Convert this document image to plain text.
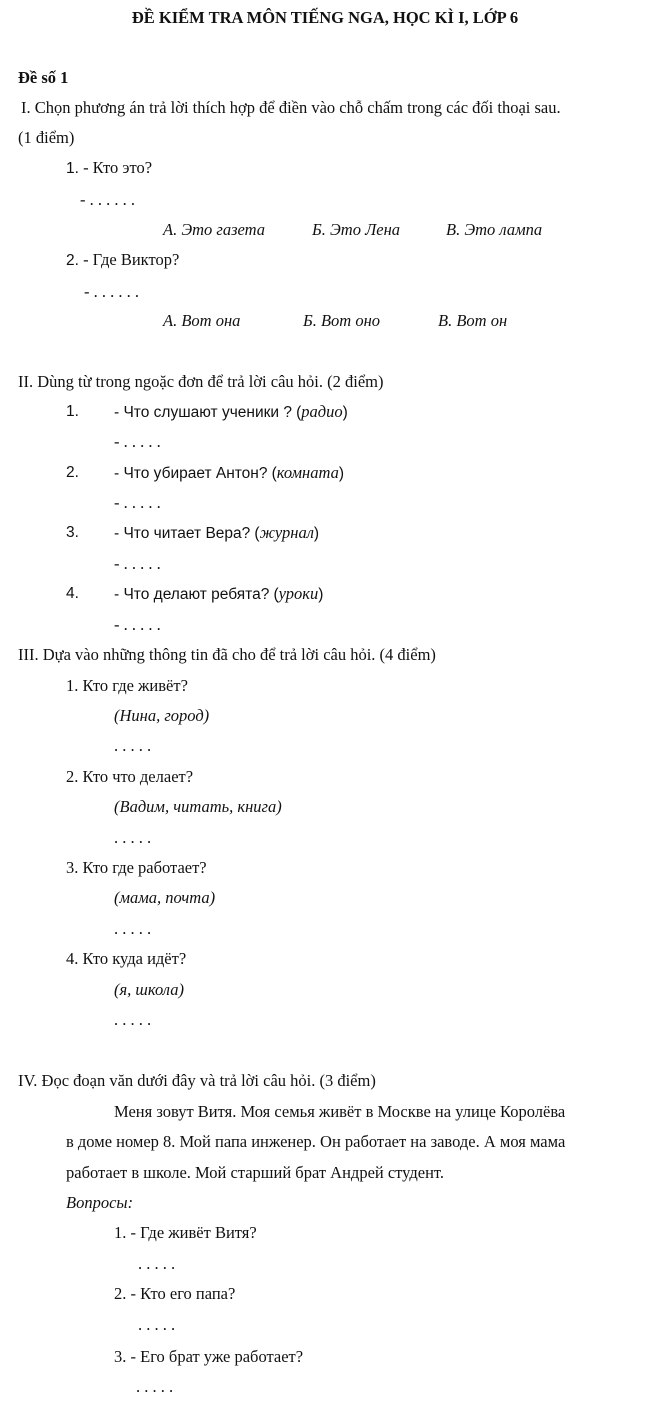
ĐỀ KIỂM TRA MÔN TIẾNG NGA, HỌC KÌ I, LỚP 6
Đề số 1
I. Chọn phương án trả lời thích hợp để điền vào chỗ chấm trong các đối thoại sau.
(1 điểm)
1. - Кто это?
- . . . . . .
А. Это газета	Б. Это Лена	В. Это лампа
2. - Где Виктор?
- . . . . . .
А. Вот она	Б. Вот оно	В. Вот он
II. Dùng từ trong ngoặc đơn để trả lời câu hỏi. (2 điểm)
1. - Что слушают ученики ? (радио)
- . . . . .
2. - Что убирает Антон? (комната)
- . . . . .
3. - Что читает Вера? (журнал)
- . . . . .
4. - Что делают ребята? (уроки)
- . . . . .
III. Dựa vào những thông tin đã cho để trả lời câu hỏi. (4 điểm)
1. Кто где живёт?
(Нина, город)
. . . . .
2. Кто что делает?
(Вадим, читать, книга)
. . . . .
3. Кто где работает?
(мама, почта)
. . . . .
4. Кто куда идёт?
(я, школа)
. . . . .
IV. Đọc đoạn văn dưới đây và trả lời câu hỏi. (3 điểm)
Меня зовут Витя. Моя семья живёт в Москве на улице Королёва
в доме номер 8. Мой папа инженер. Он работает на заводе. А моя мама
работает в школе. Мой старший брат Андрей студент.
Вопросы:
1. - Где живёт Витя?
. . . . .
2. - Кто его папа?
. . . . .
3. - Его брат уже работает?
. . . . .
